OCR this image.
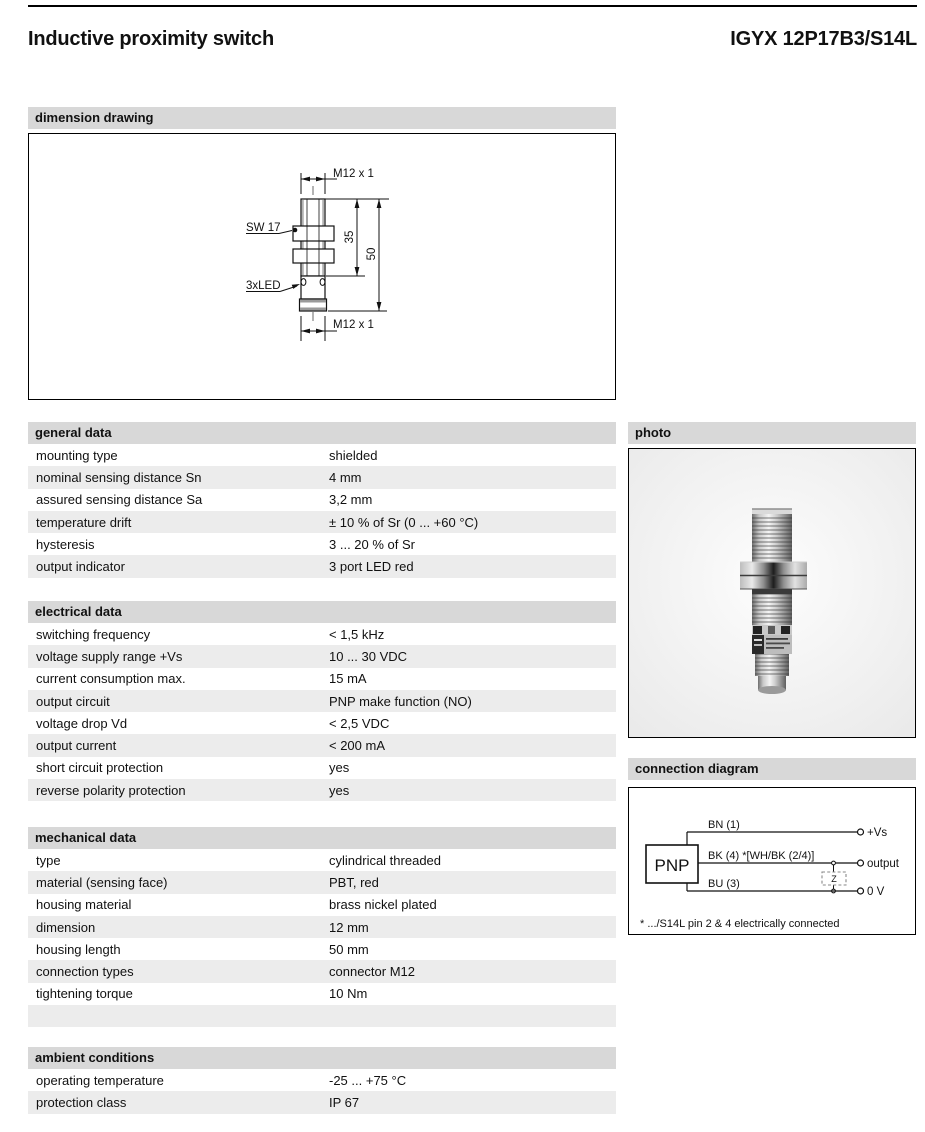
Inductive proximity switch	IGYX 12P17B3/S14L
dimension drawing
M12 x 1
35
50
SW 17
3xLED
M12 x 1
general data
mounting type	shielded
nominal sensing distance Sn	4 mm
assured sensing distance Sa	3,2 mm
temperature drift	± 10 % of Sr (0 ... +60 °C)
hysteresis	3 ... 20 % of Sr
output indicator	3 port LED red
photo
electrical data
switching frequency	< 1,5 kHz
voltage supply range +Vs	10 ... 30 VDC
current consumption max.	15 mA
output circuit	PNP make function (NO)
voltage drop Vd	< 2,5 VDC
output current	< 200 mA
short circuit protection	yes
reverse polarity protection	yes
connection diagram
PNP
BN (1)
+Vs
BK (4) *[WH/BK (2/4)]
output
Z
BU (3)
0 V
* .../S14L pin 2 & 4 electrically connected
mechanical data
type	cylindrical threaded
material (sensing face)	PBT, red
housing material	brass nickel plated
dimension	12 mm
housing length	50 mm
connection types	connector M12
tightening torque	10 Nm
ambient conditions
operating temperature	-25 ... +75 °C
protection class	IP 67
